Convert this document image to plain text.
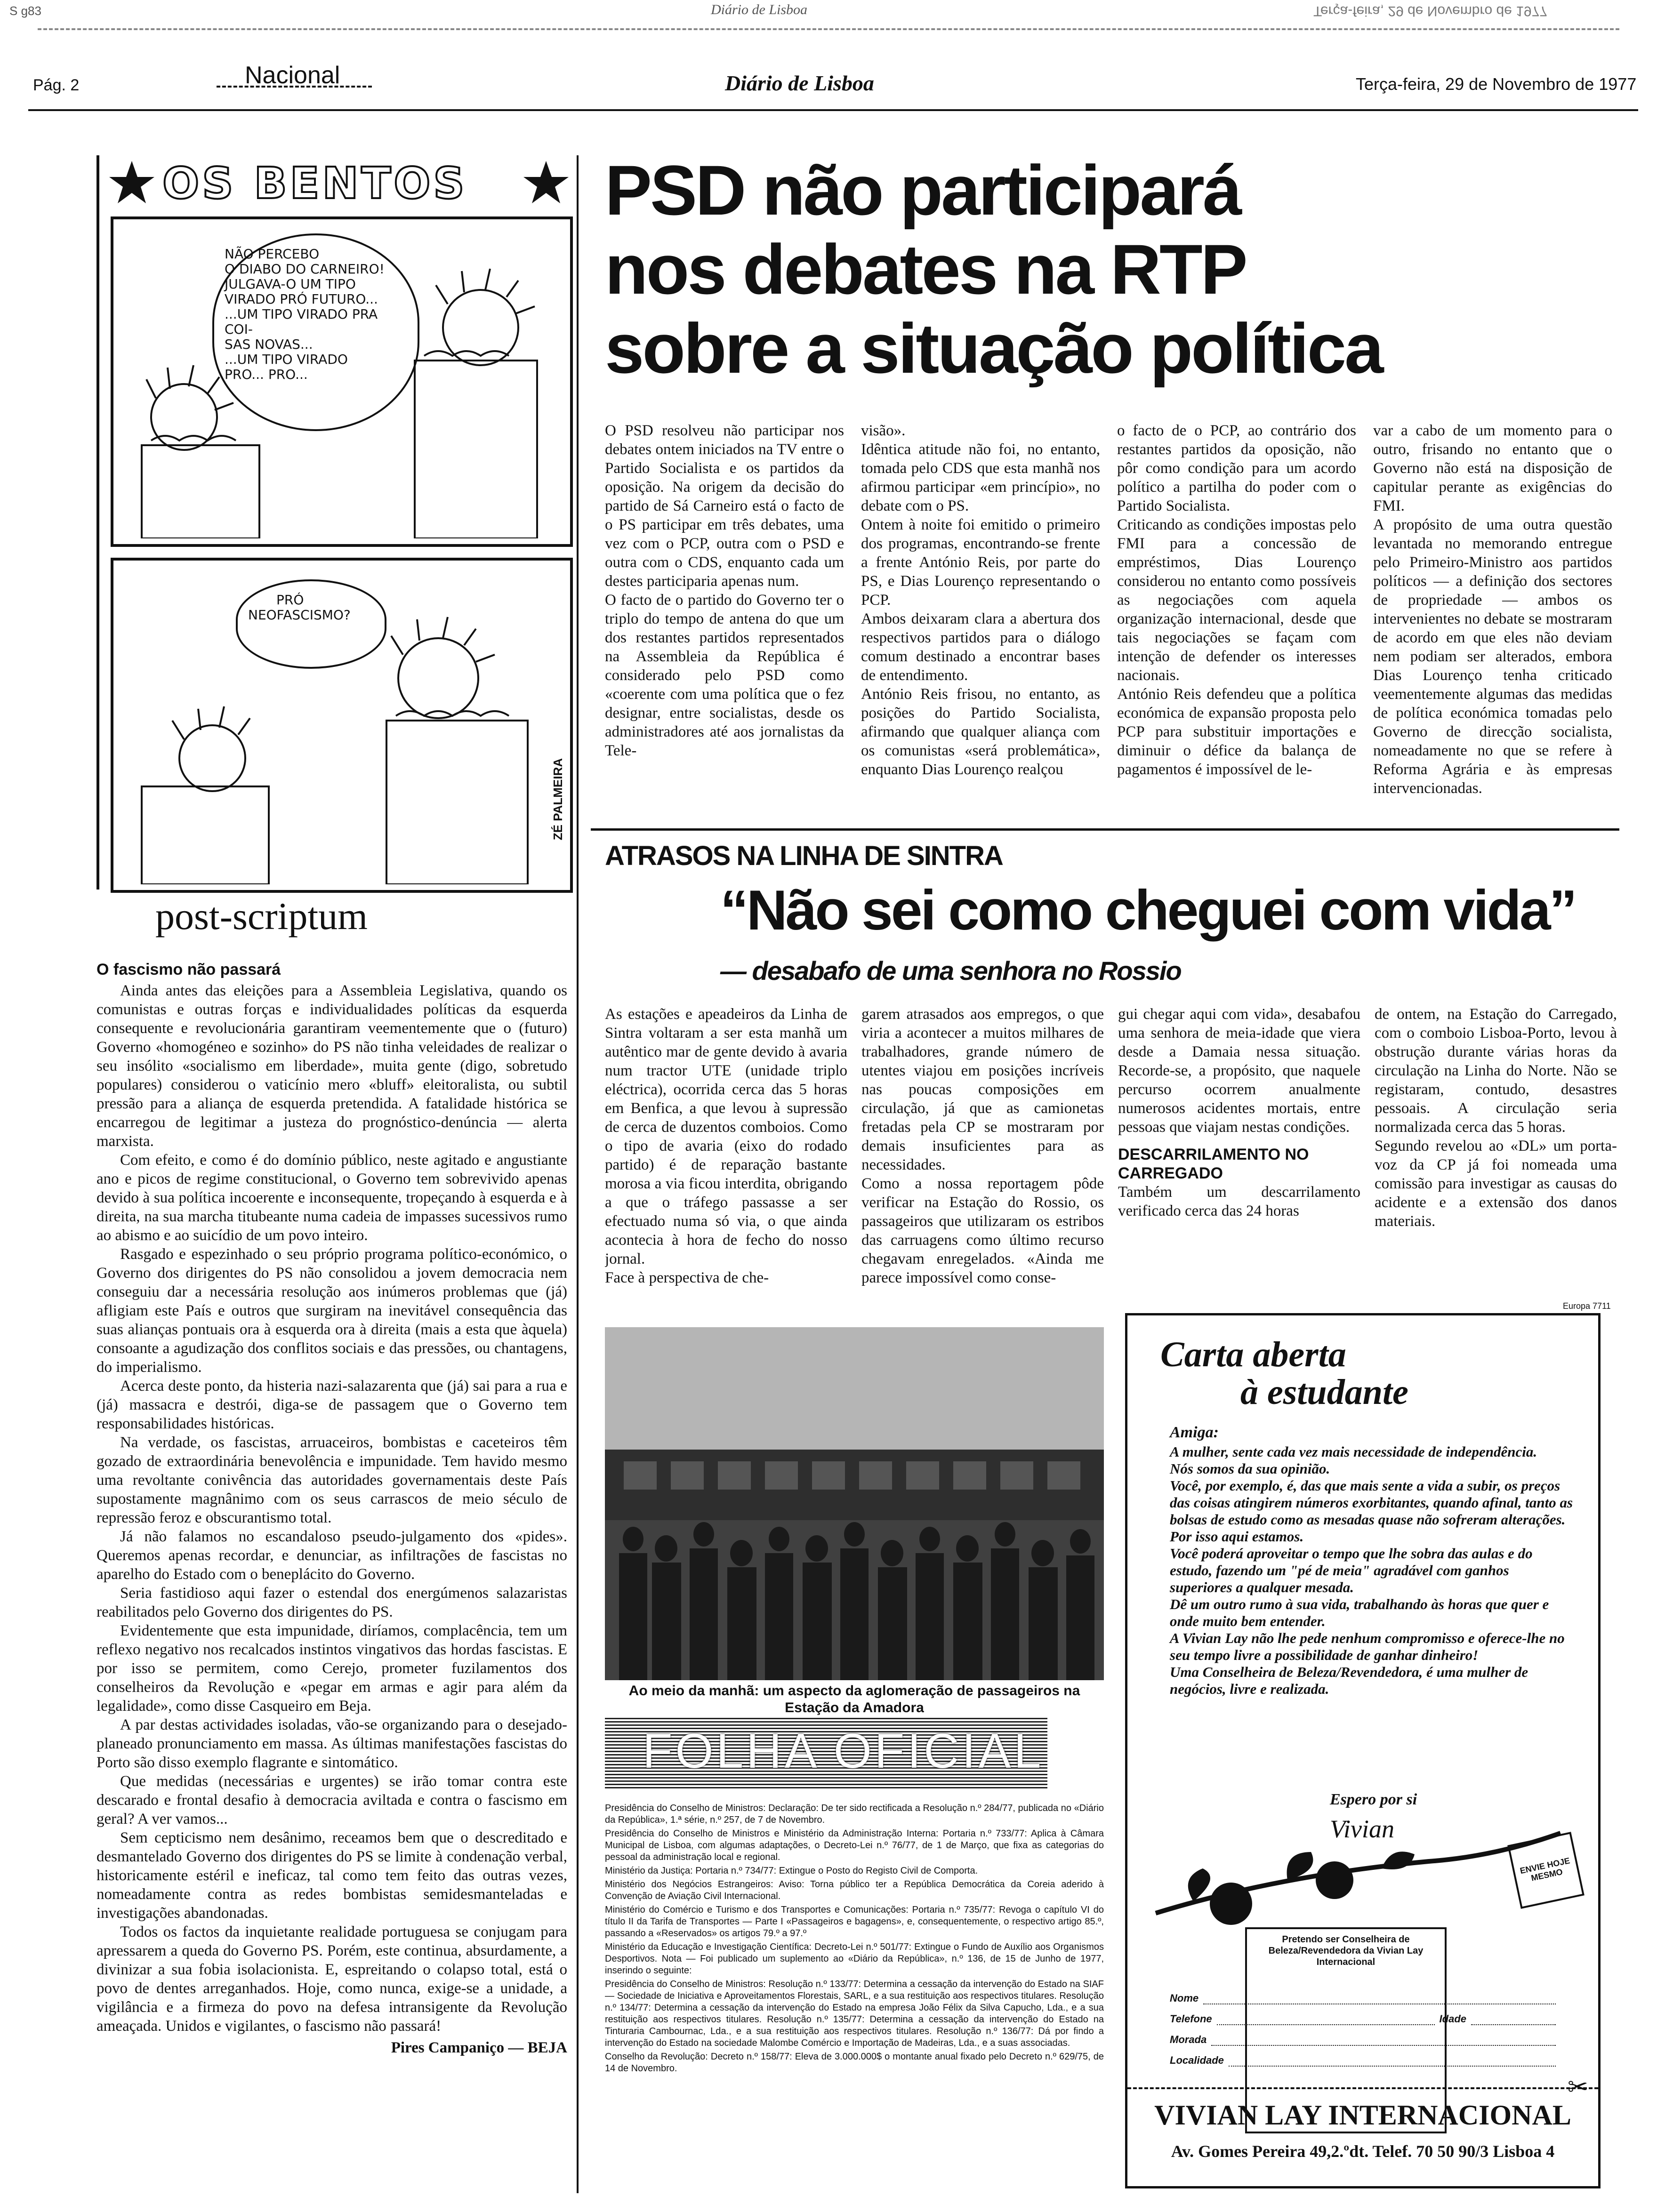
S g83	Diário de Lisboa	Terça-feira, 29 de Novembro de 1977
Pág. 2	Nacional	Diário de Lisboa	Terça-feira, 29 de Novembro de 1977
OS BENTOS
NÃO PERCEBO
O DIABO DO CARNEIRO!
JULGAVA-O UM TIPO
VIRADO PRÓ FUTURO...
...UM TIPO VIRADO PRA COI-
SAS NOVAS...
...UM TIPO VIRADO
PRO... PRO...
PRÓ
NEOFASCISMO?
ZÉ PALMEIRA
post-scriptum
O fascismo não passará

Ainda antes das eleições para a Assembleia Legislativa, quando os comunistas e outras forças e individualidades políticas da esquerda consequente e revolucionária garantiram veementemente que o (futuro) Governo «homogéneo e sozinho» do PS não tinha veleidades de realizar o seu insólito «socialismo em liberdade», muita gente (digo, sobretudo populares) considerou o vaticínio mero «bluff» eleitoralista, ou subtil pressão para a aliança de esquerda pretendida. A fatalidade histórica se encarregou de legitimar a justeza do prognóstico-denúncia — alerta marxista.

Com efeito, e como é do domínio público, neste agitado e angustiante ano e picos de regime constitucional, o Governo tem sobrevivido apenas devido à sua política incoerente e inconsequente, tropeçando à esquerda e à direita, na sua marcha titubeante numa cadeia de impasses sucessivos rumo ao abismo e ao suicídio de um povo inteiro.

Rasgado e espezinhado o seu próprio programa político-económico, o Governo dos dirigentes do PS não consolidou a jovem democracia nem conseguiu dar a necessária resolução aos inúmeros problemas que (já) afligiam este País e outros que surgiram na inevitável consequência das suas alianças pontuais ora à esquerda ora à direita (mais a esta que àquela) consoante a agudização dos conflitos sociais e das pressões, ou chantagens, do imperialismo.

Acerca deste ponto, da histeria nazi-salazarenta que (já) sai para a rua e (já) massacra e destrói, diga-se de passagem que o Governo tem responsabilidades históricas.

Na verdade, os fascistas, arruaceiros, bombistas e caceteiros têm gozado de extraordinária benevolência e impunidade. Tem havido mesmo uma revoltante conivência das autoridades governamentais deste País supostamente magnânimo com os seus carrascos de meio século de repressão feroz e obscurantismo total.

Já não falamos no escandaloso pseudo-julgamento dos «pides». Queremos apenas recordar, e denunciar, as infiltrações de fascistas no aparelho do Estado com o beneplácito do Governo.

Seria fastidioso aqui fazer o estendal dos energúmenos salazaristas reabilitados pelo Governo dos dirigentes do PS.

Evidentemente que esta impunidade, diríamos, complacência, tem um reflexo negativo nos recalcados instintos vingativos das hordas fascistas. E por isso se permitem, como Cerejo, prometer fuzilamentos dos conselheiros da Revolução e «pegar em armas e agir para além da legalidade», como disse Casqueiro em Beja.

A par destas actividades isoladas, vão-se organizando para o desejado-planeado pronunciamento em massa. As últimas manifestações fascistas do Porto são disso exemplo flagrante e sintomático.

Que medidas (necessárias e urgentes) se irão tomar contra este descarado e frontal desafio à democracia aviltada e contra o fascismo em geral? A ver vamos...

Sem cepticismo nem desânimo, receamos bem que o descreditado e desmantelado Governo dos dirigentes do PS se limite à condenação verbal, historicamente estéril e ineficaz, tal como tem feito das outras vezes, nomeadamente contra as redes bombistas semidesmanteladas e investigações abandonadas.

Todos os factos da inquietante realidade portuguesa se conjugam para apressarem a queda do Governo PS. Porém, este continua, absurdamente, a divinizar a sua fobia isolacionista. E, espreitando o colapso total, está o povo de dentes arreganhados. Hoje, como nunca, exige-se a unidade, a vigilância e a firmeza do povo na defesa intransigente da Revolução ameaçada. Unidos e vigilantes, o fascismo não passará!

Pires Campaniço — BEJA

PSD não participará
nos debates na RTP
sobre a situação política

O PSD resolveu não participar nos debates ontem iniciados na TV entre o Partido Socialista e os partidos da oposição. Na origem da decisão do partido de Sá Carneiro está o facto de o PS participar em três debates, uma vez com o PCP, outra com o PSD e outra com o CDS, enquanto cada um destes participaria apenas num.
O facto de o partido do Governo ter o triplo do tempo de antena do que um dos restantes partidos representados na Assembleia da República é considerado pelo PSD como «coerente com uma política que o fez designar, entre socialistas, desde os administradores até aos jornalistas da Tele-

visão».
Idêntica atitude não foi, no entanto, tomada pelo CDS que esta manhã nos afirmou participar «em princípio», no debate com o PS.
Ontem à noite foi emitido o primeiro dos programas, encontrando-se frente a frente António Reis, por parte do PS, e Dias Lourenço representando o PCP.
Ambos deixaram clara a abertura dos respectivos partidos para o diálogo comum destinado a encontrar bases de entendimento.
António Reis frisou, no entanto, as posições do Partido Socialista, afirmando que qualquer aliança com os comunistas «será problemática», enquanto Dias Lourenço realçou

o facto de o PCP, ao contrário dos restantes partidos da oposição, não pôr como condição para um acordo político a partilha do poder com o Partido Socialista.
Criticando as condições impostas pelo FMI para a concessão de empréstimos, Dias Lourenço considerou no entanto como possíveis as negociações com aquela organização internacional, desde que tais negociações se façam com intenção de defender os interesses nacionais.
António Reis defendeu que a política económica de expansão proposta pelo PCP para substituir importações e diminuir o défice da balança de pagamentos é impossível de le-

var a cabo de um momento para o outro, frisando no entanto que o Governo não está na disposição de capitular perante as exigências do FMI.
A propósito de uma outra questão levantada no memorando entregue pelo Primeiro-Ministro aos partidos políticos — a definição dos sectores de propriedade — ambos os intervenientes no debate se mostraram de acordo em que eles não deviam nem podiam ser alterados, embora Dias Lourenço tenha criticado veementemente algumas das medidas de política económica tomadas pelo Governo de direcção socialista, nomeadamente no que se refere à Reforma Agrária e às empresas intervencionadas.

ATRASOS NA LINHA DE SINTRA
“Não sei como cheguei com vida”
— desabafo de uma senhora no Rossio

As estações e apeadeiros da Linha de Sintra voltaram a ser esta manhã um autêntico mar de gente devido à avaria num tractor UTE (unidade triplo eléctrica), ocorrida cerca das 5 horas em Benfica, a que levou à supressão de cerca de duzentos comboios. Como o tipo de avaria (eixo do rodado partido) é de reparação bastante morosa a via ficou interdita, obrigando a que o tráfego passasse a ser efectuado numa só via, o que ainda acontecia à hora de fecho do nosso jornal.
Face à perspectiva de che-

garem atrasados aos empregos, o que viria a acontecer a muitos milhares de trabalhadores, grande número de utentes viajou em posições incríveis nas poucas composições em circulação, já que as camionetas fretadas pela CP se mostraram por demais insuficientes para as necessidades.
Como a nossa reportagem pôde verificar na Estação do Rossio, os passageiros que utilizaram os estribos das carruagens como último recurso chegavam enregelados. «Ainda me parece impossível como conse-

gui chegar aqui com vida», desabafou uma senhora de meia-idade que viera desde a Damaia nessa situação. Recorde-se, a propósito, que naquele percurso ocorrem anualmente numerosos acidentes mortais, entre pessoas que viajam nestas condições.

DESCARRILAMENTO NO CARREGADO

Também um descarrilamento verificado cerca das 24 horas

de ontem, na Estação do Carregado, com o comboio Lisboa-Porto, levou à obstrução durante várias horas da circulação na Linha do Norte. Não se registaram, contudo, desastres pessoais. A circulação seria normalizada cerca das 5 horas.
Segundo revelou ao «DL» um porta-voz da CP já foi nomeada uma comissão para investigar as causas do acidente e a extensão dos danos materiais.

Ao meio da manhã: um aspecto da aglomeração de passageiros na Estação da Amadora
FOLHA OFICIAL

Presidência do Conselho de Ministros: Declaração: De ter sido rectificada a Resolução n.º 284/77, publicada no «Diário da República», 1.ª série, n.º 257, de 7 de Novembro.

Presidência do Conselho de Ministros e Ministério da Administração Interna: Portaria n.º 733/77: Aplica à Câmara Municipal de Lisboa, com algumas adaptações, o Decreto-Lei n.º 76/77, de 1 de Março, que fixa as categorias do pessoal da administração local e regional.

Ministério da Justiça: Portaria n.º 734/77: Extingue o Posto do Registo Civil de Comporta.

Ministério dos Negócios Estrangeiros: Aviso: Torna público ter a República Democrática da Coreia aderido à Convenção de Aviação Civil Internacional.

Ministério do Comércio e Turismo e dos Transportes e Comunicações: Portaria n.º 735/77: Revoga o capítulo VI do título II da Tarifa de Transportes — Parte I «Passageiros e bagagens», e, consequentemente, o respectivo artigo 85.º, passando a «Reservados» os artigos 79.º a 97.º

Ministério da Educação e Investigação Científica: Decreto-Lei n.º 501/77: Extingue o Fundo de Auxílio aos Organismos Desportivos. Nota — Foi publicado um suplemento ao «Diário da República», n.º 136, de 15 de Junho de 1977, inserindo o seguinte:

Presidência do Conselho de Ministros: Resolução n.º 133/77: Determina a cessação da intervenção do Estado na SIAF — Sociedade de Iniciativa e Aproveitamentos Florestais, SARL, e a sua restituição aos respectivos titulares. Resolução n.º 134/77: Determina a cessação da intervenção do Estado na empresa João Félix da Silva Capucho, Lda., e a sua restituição aos respectivos titulares. Resolução n.º 135/77: Determina a cessação da intervenção do Estado na Tinturaria Cambournac, Lda., e a sua restituição aos respectivos titulares. Resolução n.º 136/77: Dá por findo a intervenção do Estado na sociedade Malombe Comércio e Importação de Madeiras, Lda., e a suas associadas.

Conselho da Revolução: Decreto n.º 158/77: Eleva de 3.000.000$ o montante anual fixado pelo Decreto n.º 629/75, de 14 de Novembro.

Europa 7711
Carta aberta
à estudante
Amiga:

A mulher, sente cada vez mais necessidade de independência.

Nós somos da sua opinião.

Você, por exemplo, é, das que mais sente a vida a subir, os preços das coisas atingirem números exorbitantes, quando afinal, tanto as bolsas de estudo como as mesadas quase não sofreram alterações.

Por isso aqui estamos.

Você poderá aproveitar o tempo que lhe sobra das aulas e do estudo, fazendo um "pé de meia" agradável com ganhos superiores a qualquer mesada.

Dê um outro rumo à sua vida, trabalhando às horas que quer e onde muito bem entender.

A Vivian Lay não lhe pede nenhum compromisso e oferece-lhe no seu tempo livre a possibilidade de ganhar dinheiro!

Uma Conselheira de Beleza/Revendedora, é uma mulher de negócios, livre e realizada.

Espero por si
Vivian
ENVIE HOJE MESMO
Pretendo ser Conselheira de Beleza/Revendedora da Vivian Lay Internacional
Nome
Telefone	Idade
Morada
Localidade
✂
VIVIAN LAY INTERNACIONAL
Av. Gomes Pereira 49,2.ºdt. Telef. 70 50 90/3 Lisboa 4
